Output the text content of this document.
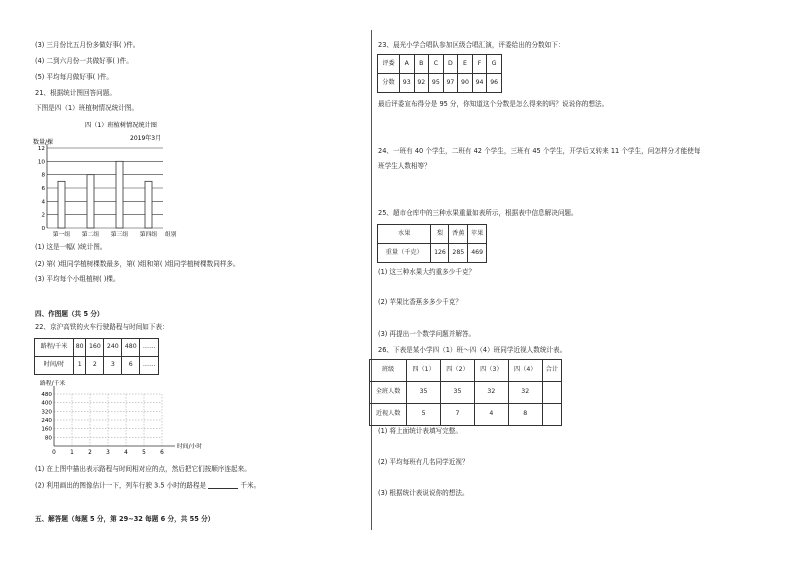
(3) 三月份比五月份多做好事( )件。
(4) 二到六月份一共做好事( )件。
(5) 平均每月做好事( )件。
21、根据统计图回答问题。
下图是四（1）班植树情况统计图。
四（1）班植树情况统计图
2019年3月
数量/棵
0
2
4
6
8
10
12
第一组 第二组 第三组 第四组 组别
(1) 这是一幅( )统计图。
(2) 第( )组同学植树棵数最多，第( )组和第( )组同学植树棵数同样多。
(3) 平均每个小组植树( )棵。
四、作图题（共 5 分）
22、京沪高铁的火车行驶路程与时间如下表：
路程/千米	80	160	240	480	……
时间/时	1	2	3	6	……
路程/千米
80
160
240
320
400
480
0 1 2 3 4 5 6
时间/小时
(1) 在上图中描出表示路程与时间相对应的点，然后把它们按顺序连起来。
(2) 利用画出的图像估计一下，列车行驶 3.5 小时的路程是	千米。
五、解答题（每题 5 分，第 29~32 每题 6 分，共 55 分）
23、晨光小学合唱队参加区级合唱汇演，评委给出的分数如下：
评委	A	B	C	D	E	F	G
分数	93	92	95	97	90	94	96
最后评委宣布得分是 95 分，你知道这个分数是怎么得来的吗？说说你的想法。
24、一班有 40 个学生，二班有 42 个学生，三班有 45 个学生，开学后又转来 11 个学生，问怎样分才能使每
班学生人数相等？
25、超市仓库中的三种水果重量如表所示，根据表中信息解决问题。
水果	梨	香蕉	苹果
重量（千克）	126	285	469
(1) 这三种水果大约重多少千克？
(2) 苹果比香蕉多多少千克？
(3) 再提出一个数学问题并解答。
26、下表是某小学四（1）班～四（4）班同学近视人数统计表。
班级	四（1）	四（2）	四（3）	四（4）	合计
全班人数	35	35	32	32	
近视人数	5	7	4	8	
(1) 将上面统计表填写完整。
(2) 平均每班有几名同学近视？
(3) 根据统计表说说你的想法。
